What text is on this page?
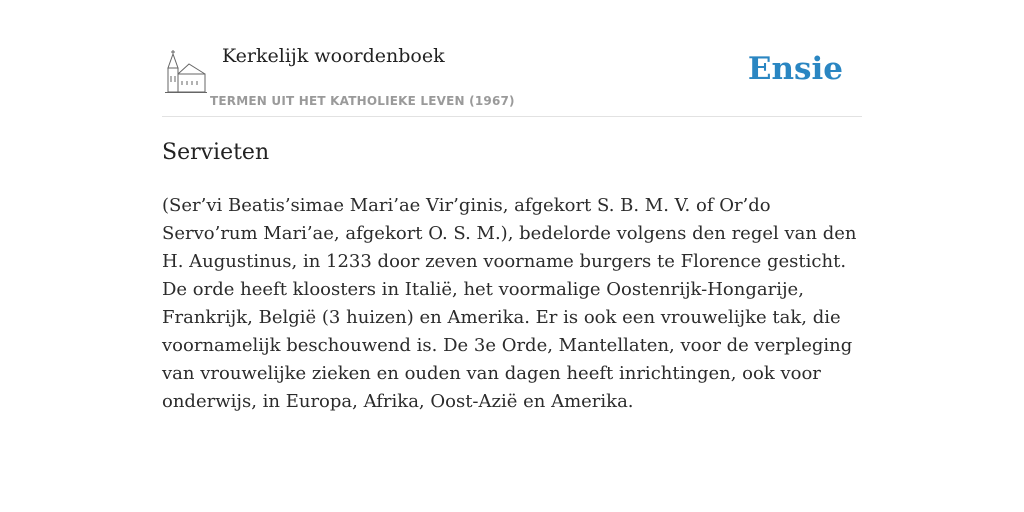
Kerkelijk woordenboek
TERMEN UIT HET KATHOLIEKE LEVEN (1967)
Ensie
Servieten

(Ser’vi Beatis’simae Mari’ae Vir’ginis, afgekort S. B. M. V. of Or’do Servo’rum Mari’ae, afgekort O. S. M.), bedelorde volgens den regel van den H. Augustinus, in 1233 door zeven voorname burgers te Florence gesticht. De orde heeft kloosters in Italië, het voormalige Oostenrijk-Hongarije, Frankrijk, België (3 huizen) en Amerika. Er is ook een vrouwelijke tak, die voornamelijk beschouwend is. De 3e Orde, Mantellaten, voor de verpleging van vrouwelijke zieken en ouden van dagen heeft inrichtingen, ook voor onderwijs, in Europa, Afrika, Oost-Azië en Amerika.
